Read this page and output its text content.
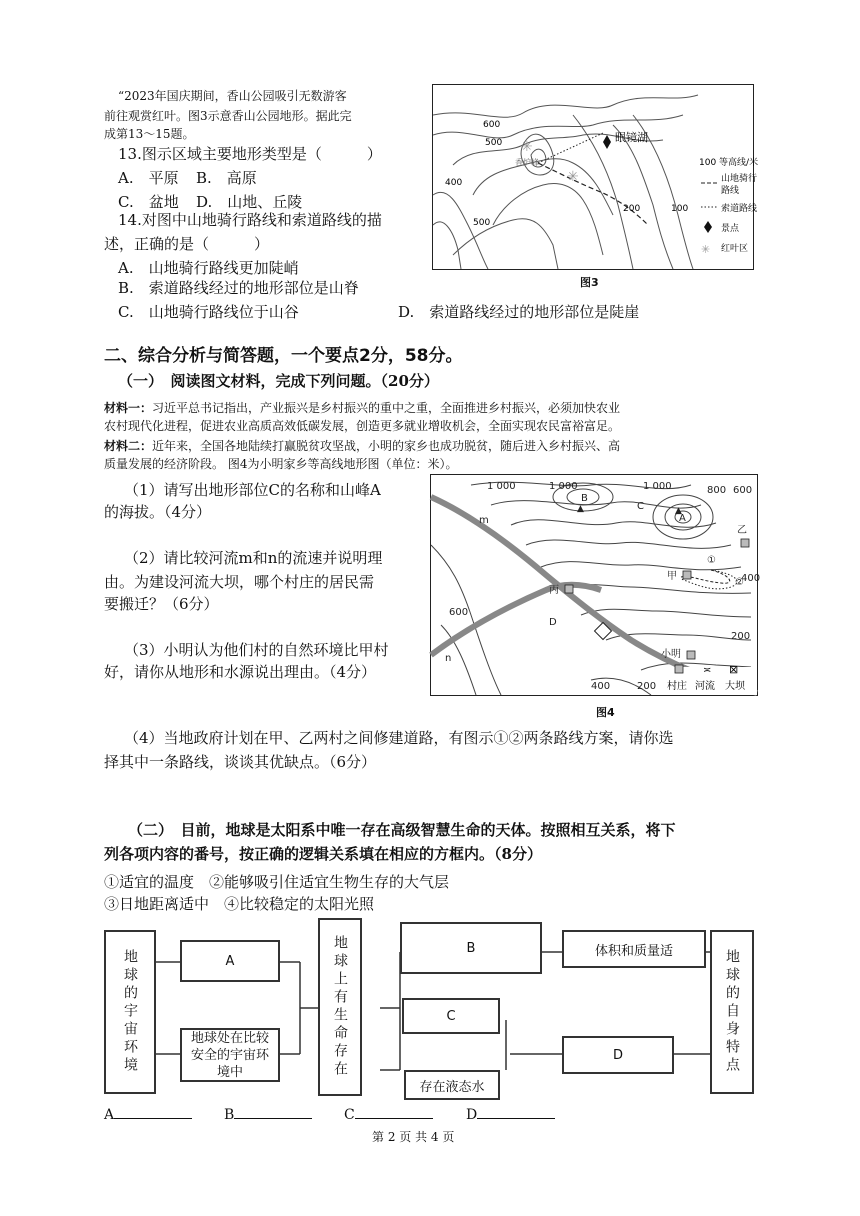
“2023年国庆期间，香山公园吸引无数游客
前往观赏红叶。图3示意香山公园地形。据此完
成第13～15题。
13.图示区域主要地形类型是（　　　）
A.　平原 B.　高原
C.　盆地 D.　山地、丘陵
14.对图中山地骑行路线和索道路线的描
述，正确的是（　　　）
A.　山地骑行路线更加陡峭
B.　索道路线经过的地形部位是山脊
C.　山地骑行路线位于山谷	D.　索道路线经过的地形部位是陡崖
✳
✳
600
500
400
500
200	100
眼镜湖
香炉峰	100 等高线/米
山地骑行
路线
索道路线
景点
✳ 红叶区
图3
二、综合分析与简答题，一个要点2分，58分。
（一）　阅读图文材料，完成下列问题。（20分）
材料一：习近平总书记指出，产业振兴是乡村振兴的重中之重，全面推进乡村振兴，必须加快农业
农村现代化进程，促进农业高质高效低碳发展，创造更多就业增收机会，全面实现农民富裕富足。
材料二：近年来，全国各地陆续打赢脱贫攻坚战，小明的家乡也成功脱贫，随后进入乡村振兴、高
质量发展的经济阶段。 图4为小明家乡等高线地形图（单位：米）。
（1）请写出地形部位C的名称和山峰A
的海拔。（4分）
（2）请比较河流m和n的流速并说明理
由。为建设河流大坝，哪个村庄的居民需
要搬迁？（6分）
（3）小明认为他们村的自然环境比甲村
好，请你从地形和水源说出理由。（4分）
1 000	1 000	1 000	800 600
B
A
C
乙
甲
①
②
m
n
400
600
丙
D
200
小明
400	200
▲	▲
≍ ⊠
村庄 河流 大坝
图4
（4）当地政府计划在甲、乙两村之间修建道路，有图示①②两条路线方案，请你选
择其中一条路线，谈谈其优缺点。（6分）
（二）　目前，地球是太阳系中唯一存在高级智慧生命的天体。按照相互关系，将下
列各项内容的番号，按正确的逻辑关系填在相应的方框内。（8分）
①适宜的温度　②能够吸引住适宜生物生存的大气层
③日地距离适中　④比较稳定的太阳光照
地球的宇宙环境	A
地球处在比较安全的宇宙环境中	地球上有生命存在	B
C
存在液态水
体积和质量适
D	地球的自身特点
A	B	C	D
第 2 页 共 4 页
